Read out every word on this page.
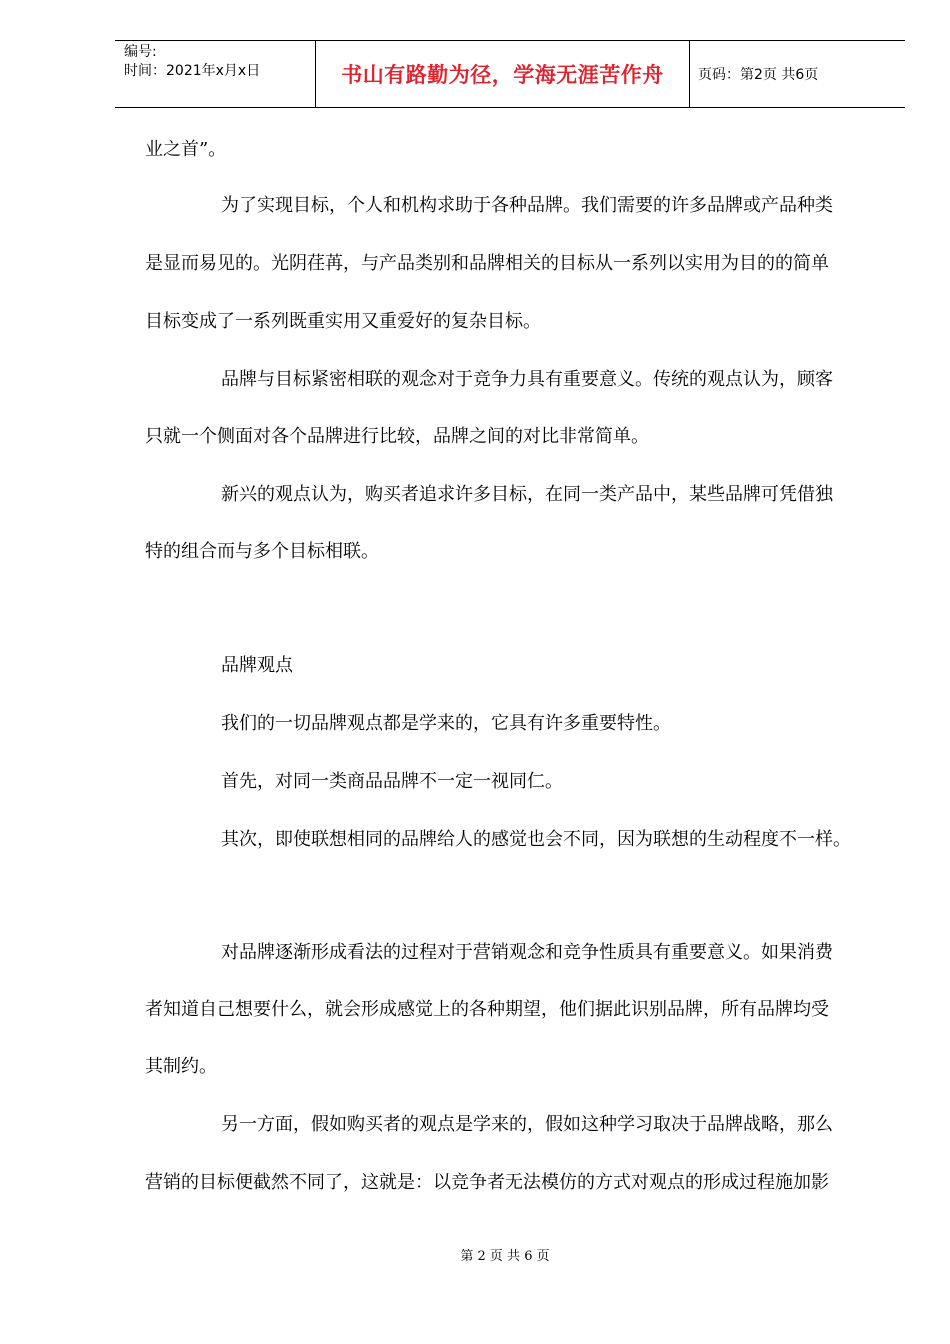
编号:
时间：2021年x月x日	书山有路勤为径，学海无涯苦作舟 页码：第2页 共6页
业之首”。
为了实现目标，个人和机构求助于各种品牌。我们需要的许多品牌或产品种类
是显而易见的。光阴荏苒，与产品类别和品牌相关的目标从一系列以实用为目的的简单
目标变成了一系列既重实用又重爱好的复杂目标。
品牌与目标紧密相联的观念对于竞争力具有重要意义。传统的观点认为，顾客
只就一个侧面对各个品牌进行比较，品牌之间的对比非常简单。
新兴的观点认为，购买者追求许多目标，在同一类产品中，某些品牌可凭借独
特的组合而与多个目标相联。
品牌观点
我们的一切品牌观点都是学来的，它具有许多重要特性。
首先，对同一类商品品牌不一定一视同仁。
其次，即使联想相同的品牌给人的感觉也会不同，因为联想的生动程度不一样。
对品牌逐渐形成看法的过程对于营销观念和竞争性质具有重要意义。如果消费
者知道自己想要什么，就会形成感觉上的各种期望，他们据此识别品牌，所有品牌均受
其制约。
另一方面，假如购买者的观点是学来的，假如这种学习取决于品牌战略，那么
营销的目标便截然不同了，这就是：以竞争者无法模仿的方式对观点的形成过程施加影
第 2 页 共 6 页
